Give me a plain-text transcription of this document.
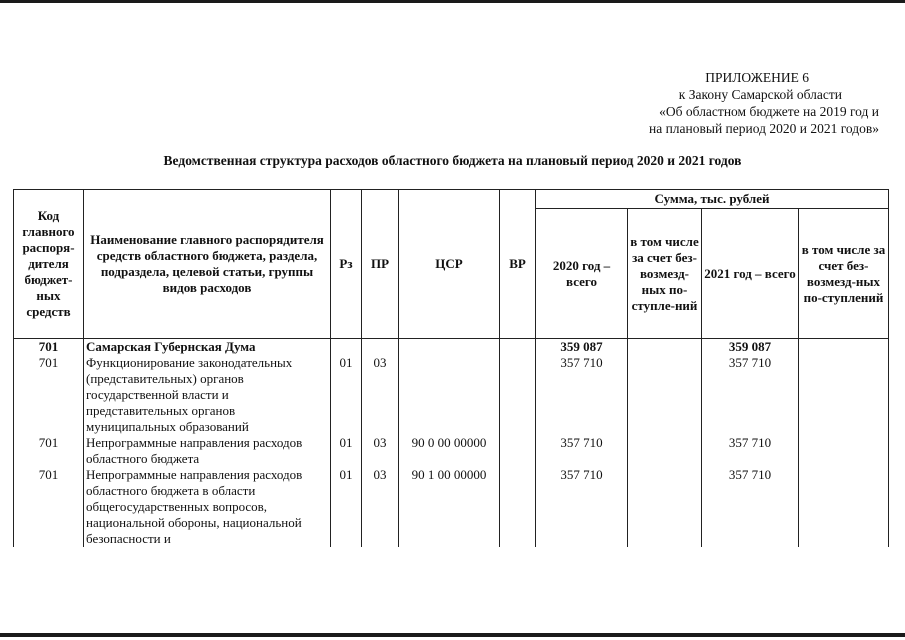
ПРИЛОЖЕНИЕ 6
к Закону Самарской области
«Об областном бюджете на 2019 год и
на плановый период 2020 и 2021 годов»
Ведомственная структура расходов областного бюджета на плановый период 2020 и 2021 годов
Код главного распоря-дителя бюджет-ных средств	Наименование главного распорядителя средств областного бюджета, раздела, подраздела, целевой статьи, группы видов расходов	Рз	ПР	ЦСР	ВР	Сумма, тыс. рублей			
						2020 год – всего	в том числе за счет без-возмезд-ных по-ступле-ний	2021 год – всего	в том числе за счет без-возмезд-ных по-ступлений
701	Самарская Губернская Дума					359 087		359 087	
701	Функционирование законодательных (представительных) органов государственной власти и представительных органов муниципальных образований	01	03			357 710		357 710	
701	Непрограммные направления расходов областного бюджета	01	03	90 0 00 00000		357 710		357 710	
701	Непрограммные направления расходов областного бюджета в области общегосударственных вопросов, национальной обороны, национальной безопасности и	01	03	90 1 00 00000		357 710		357 710	
